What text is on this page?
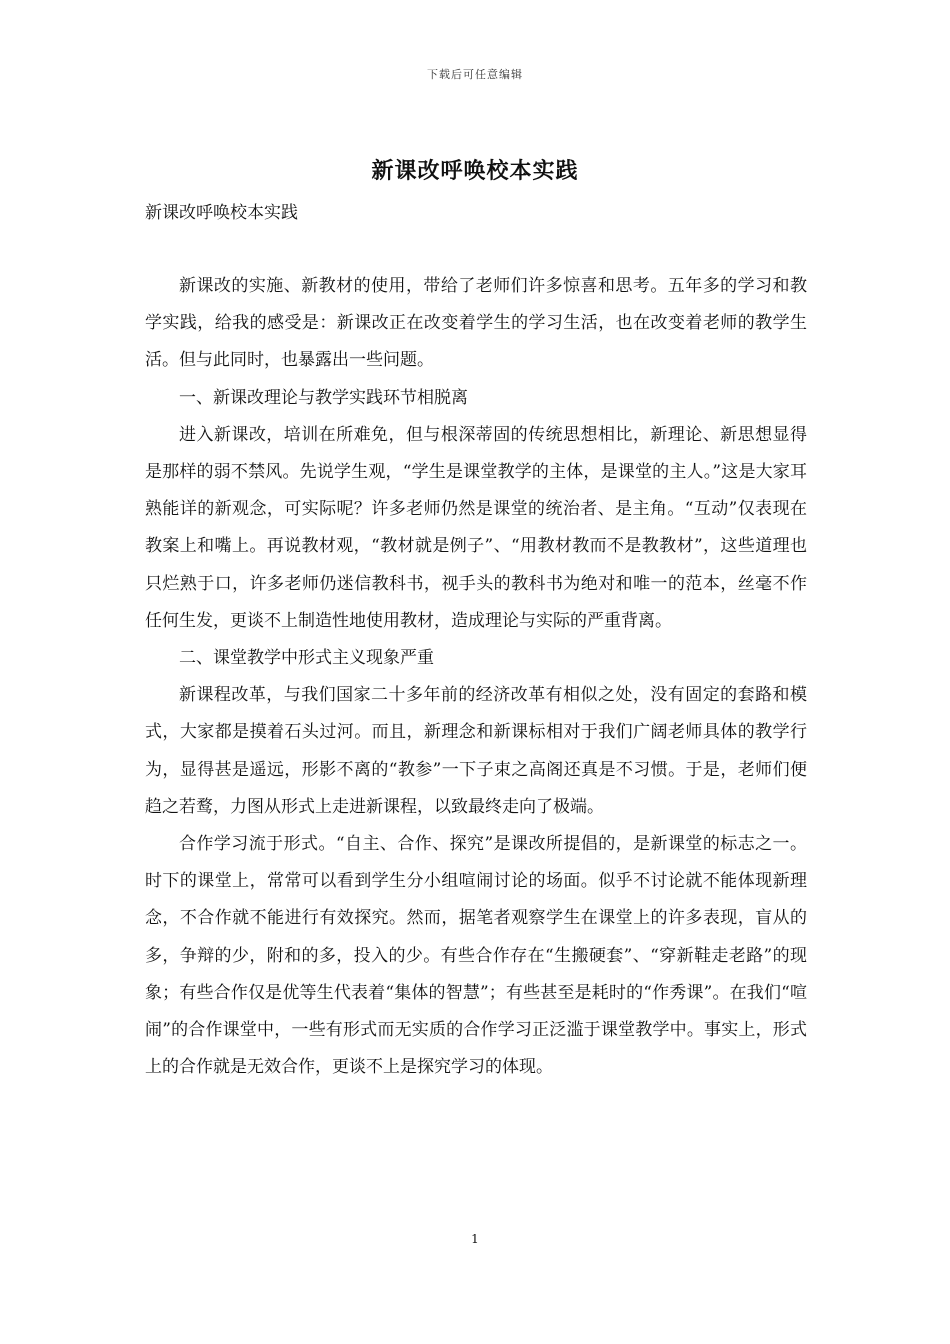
下载后可任意编辑
新课改呼唤校本实践
新课改呼唤校本实践

新课改的实施、新教材的使用，带给了老师们许多惊喜和思考。五年多的学习和教学实践，给我的感受是：新课改正在改变着学生的学习生活，也在改变着老师的教学生活。但与此同时，也暴露出一些问题。

一、新课改理论与教学实践环节相脱离

进入新课改，培训在所难免，但与根深蒂固的传统思想相比，新理论、新思想显得是那样的弱不禁风。先说学生观，“学生是课堂教学的主体，是课堂的主人。”这是大家耳熟能详的新观念，可实际呢？许多老师仍然是课堂的统治者、是主角。“互动”仅表现在教案上和嘴上。再说教材观，“教材就是例子”、“用教材教而不是教教材”，这些道理也只烂熟于口，许多老师仍迷信教科书，视手头的教科书为绝对和唯一的范本，丝毫不作任何生发，更谈不上制造性地使用教材，造成理论与实际的严重背离。

二、课堂教学中形式主义现象严重

新课程改革，与我们国家二十多年前的经济改革有相似之处，没有固定的套路和模式，大家都是摸着石头过河。而且，新理念和新课标相对于我们广阔老师具体的教学行为，显得甚是遥远，形影不离的“教参”一下子束之高阁还真是不习惯。于是，老师们便趋之若鹜，力图从形式上走进新课程，以致最终走向了极端。

合作学习流于形式。“自主、合作、探究”是课改所提倡的，是新课堂的标志之一。时下的课堂上，常常可以看到学生分小组喧闹讨论的场面。似乎不讨论就不能体现新理念，不合作就不能进行有效探究。然而，据笔者观察学生在课堂上的许多表现，盲从的多，争辩的少，附和的多，投入的少。有些合作存在“生搬硬套”、“穿新鞋走老路”的现象；有些合作仅是优等生代表着“集体的智慧”；有些甚至是耗时的“作秀课”。在我们“喧闹”的合作课堂中，一些有形式而无实质的合作学习正泛滥于课堂教学中。事实上，形式上的合作就是无效合作，更谈不上是探究学习的体现。

1
